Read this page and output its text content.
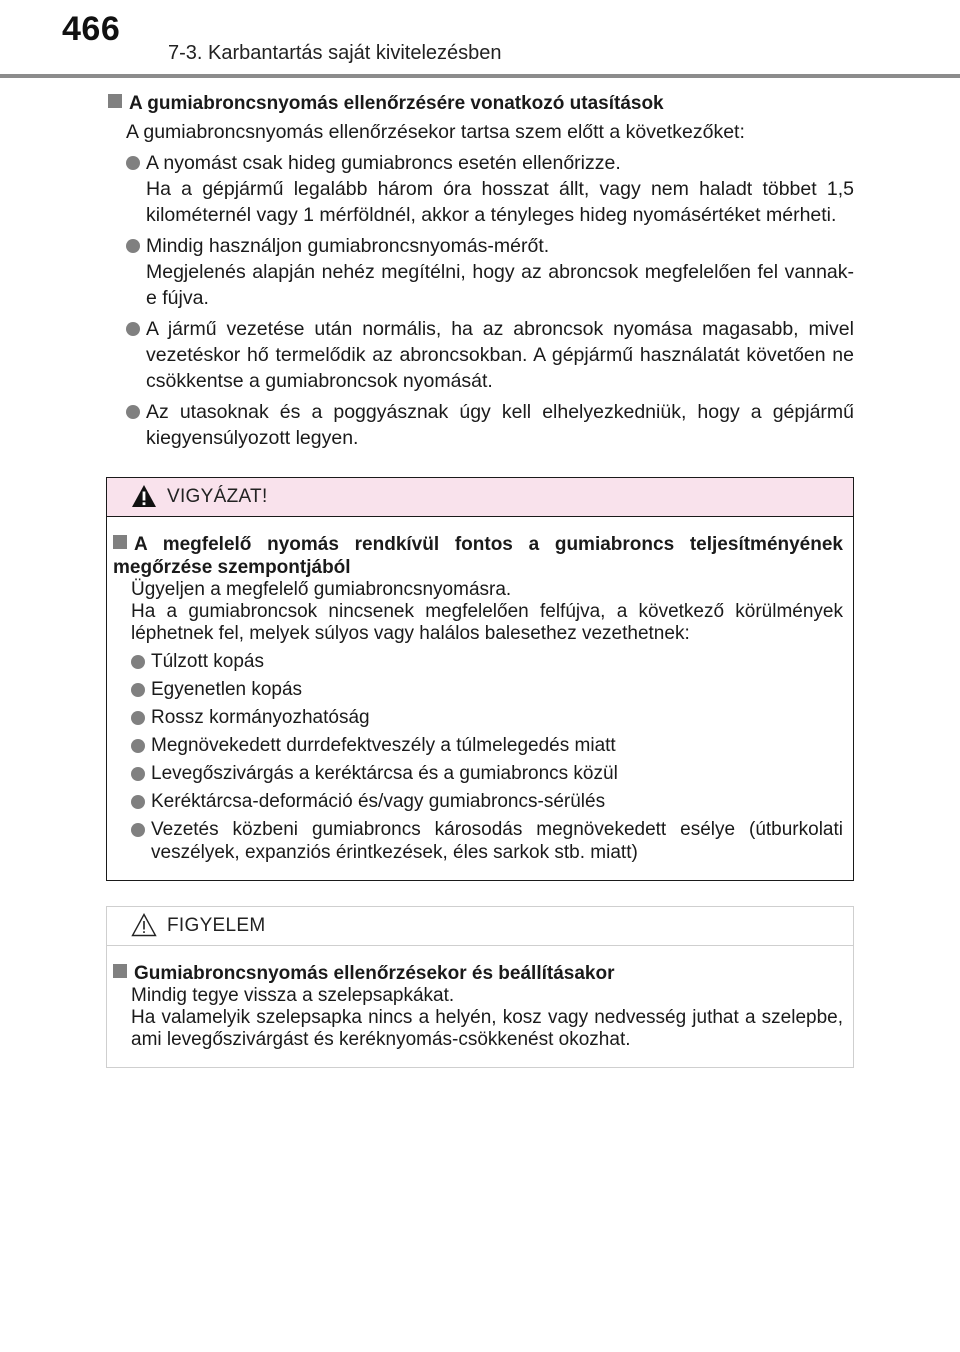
466
7-3. Karbantartás saját kivitelezésben
A gumiabroncsnyomás ellenőrzésére vonatkozó utasítások
A gumiabroncsnyomás ellenőrzésekor tartsa szem előtt a következőket:

A nyomást csak hideg gumiabroncs esetén ellenőrizze.

Ha a gépjármű legalább három óra hosszat állt, vagy nem haladt többet 1,5 kilométernél vagy 1 mérföldnél, akkor a tényleges hideg nyomásértéket mérheti.

Mindig használjon gumiabroncsnyomás-mérőt.

Megjelenés alapján nehéz megítélni, hogy az abroncsok megfelelően fel vannak-e fújva.

A jármű vezetése után normális, ha az abroncsok nyomása magasabb, mivel vezetéskor hő termelődik az abroncsokban. A gépjármű használatát követően ne csökkentse a gumiabroncsok nyomását.

Az utasoknak és a poggyásznak úgy kell elhelyezkedniük, hogy a gépjármű kiegyensúlyozott legyen.

VIGYÁZAT!
A megfelelő nyomás rendkívül fontos a gumiabroncs teljesítményének megőrzése szempontjából
Ügyeljen a megfelelő gumiabroncsnyomásra.
Ha a gumiabroncsok nincsenek megfelelően felfújva, a következő körülmények léphetnek fel, melyek súlyos vagy halálos balesethez vezethetnek:
Túlzott kopás
Egyenetlen kopás
Rossz kormányozhatóság
Megnövekedett durrdefektveszély a túlmelegedés miatt
Levegőszivárgás a keréktárcsa és a gumiabroncs közül
Keréktárcsa-deformáció és/vagy gumiabroncs-sérülés
Vezetés közbeni gumiabroncs károsodás megnövekedett esélye (útburkolati veszélyek, expanziós érintkezések, éles sarkok stb. miatt)
FIGYELEM
Gumiabroncsnyomás ellenőrzésekor és beállításakor
Mindig tegye vissza a szelepsapkákat.
Ha valamelyik szelepsapka nincs a helyén, kosz vagy nedvesség juthat a szelepbe, ami levegőszivárgást és keréknyomás-csökkenést okozhat.
